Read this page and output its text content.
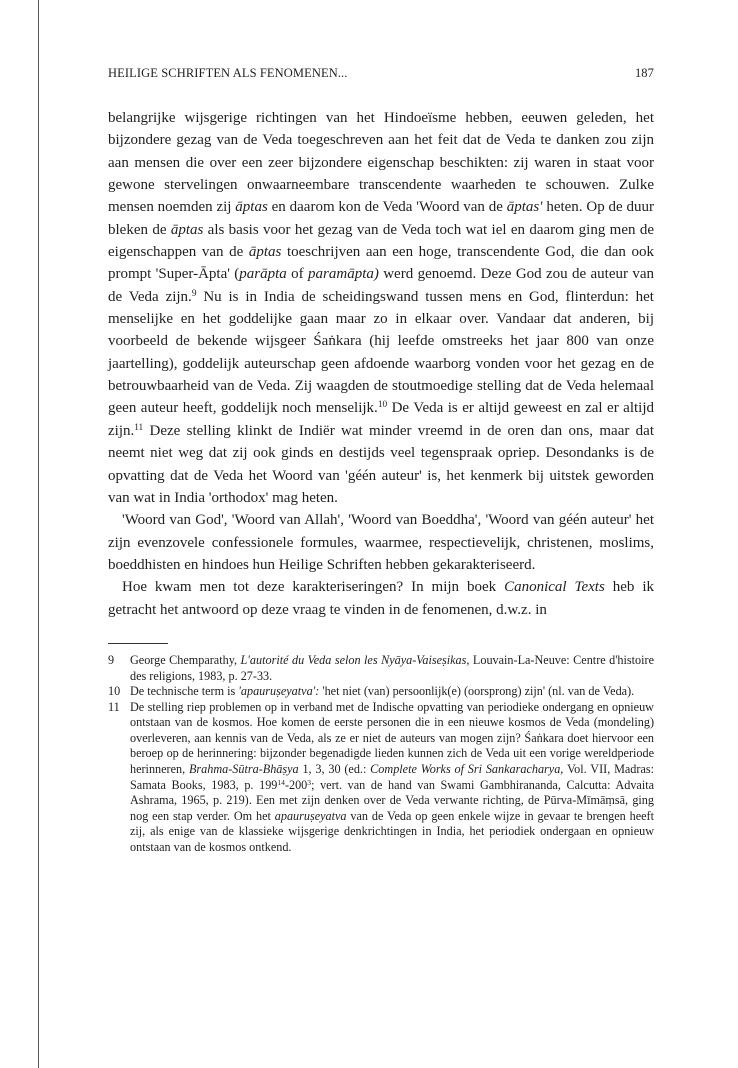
HEILIGE SCHRIFTEN ALS FENOMENEN...	187

belangrijke wijsgerige richtingen van het Hindoeïsme hebben, eeuwen geleden, het bijzondere gezag van de Veda toegeschreven aan het feit dat de Veda te danken zou zijn aan mensen die over een zeer bijzondere eigenschap beschikten: zij waren in staat voor gewone stervelingen onwaarneembare transcendente waarheden te schouwen. Zulke mensen noemden zij āptas en daarom kon de Veda 'Woord van de āptas' heten. Op de duur bleken de āptas als basis voor het gezag van de Veda toch wat iel en daarom ging men de eigenschappen van de āptas toeschrijven aan een hoge, transcendente God, die dan ook prompt 'Super-Āpta' (parāpta of paramāpta) werd genoemd. Deze God zou de auteur van de Veda zijn.$^9$ Nu is in India de scheidingswand tussen mens en God, flinterdun: het menselijke en het goddelijke gaan maar zo in elkaar over. Vandaar dat anderen, bij voorbeeld de bekende wijsgeer Śaṅkara (hij leefde omstreeks het jaar 800 van onze jaartelling), goddelijk auteurschap geen afdoende waarborg vonden voor het gezag en de betrouwbaarheid van de Veda. Zij waagden de stoutmoedige stelling dat de Veda helemaal geen auteur heeft, goddelijk noch menselijk.$^{10}$ De Veda is er altijd geweest en zal er altijd zijn.$^{11}$ Deze stelling klinkt de Indiër wat minder vreemd in de oren dan ons, maar dat neemt niet weg dat zij ook ginds en destijds veel tegenspraak opriep. Desondanks is de opvatting dat de Veda het Woord van 'géén auteur' is, het kenmerk bij uitstek geworden van wat in India 'orthodox' mag heten.

'Woord van God', 'Woord van Allah', 'Woord van Boeddha', 'Woord van géén auteur' het zijn evenzovele confessionele formules, waarmee, respectievelijk, christenen, moslims, boeddhisten en hindoes hun Heilige Schriften hebben gekarakteriseerd.

Hoe kwam men tot deze karakteriseringen? In mijn boek Canonical Texts heb ik getracht het antwoord op deze vraag te vinden in de fenomenen, d.w.z. in

9	George Chemparathy, L'autorité du Veda selon les Nyāya-Vaiseṣikas, Louvain-La-Neuve: Centre d'histoire des religions, 1983, p. 27-33.
10 De technische term is 'apauruṣeyatva': 'het niet (van) persoonlijk(e) (oorsprong) zijn' (nl. van de Veda).
11 De stelling riep problemen op in verband met de Indische opvatting van periodieke ondergang en opnieuw ontstaan van de kosmos. Hoe komen de eerste personen die in een nieuwe kosmos de Veda (mondeling) overleveren, aan kennis van de Veda, als ze er niet de auteurs van mogen zijn? Śaṅkara doet hiervoor een beroep op de herinnering: bijzonder begenadigde lieden kunnen zich de Veda uit een vorige wereldperiode herinneren, Brahma-Sūtra-Bhāṣya 1, 3, 30 (ed.: Complete Works of Sri Sankaracharya, Vol. VII, Madras: Samata Books, 1983, p. $199^{14}-200^3$; vert. van de hand van Swami Gambhirananda, Calcutta: Advaita Ashrama, 1965, p. 219). Een met zijn denken over de Veda verwante richting, de Pūrva-Mīmāṃsā, ging nog een stap verder. Om het apauruṣeyatva van de Veda op geen enkele wijze in gevaar te brengen heeft zij, als enige van de klassieke wijsgerige denkrichtingen in India, het periodiek ondergaan en opnieuw ontstaan van de kosmos ontkend.
